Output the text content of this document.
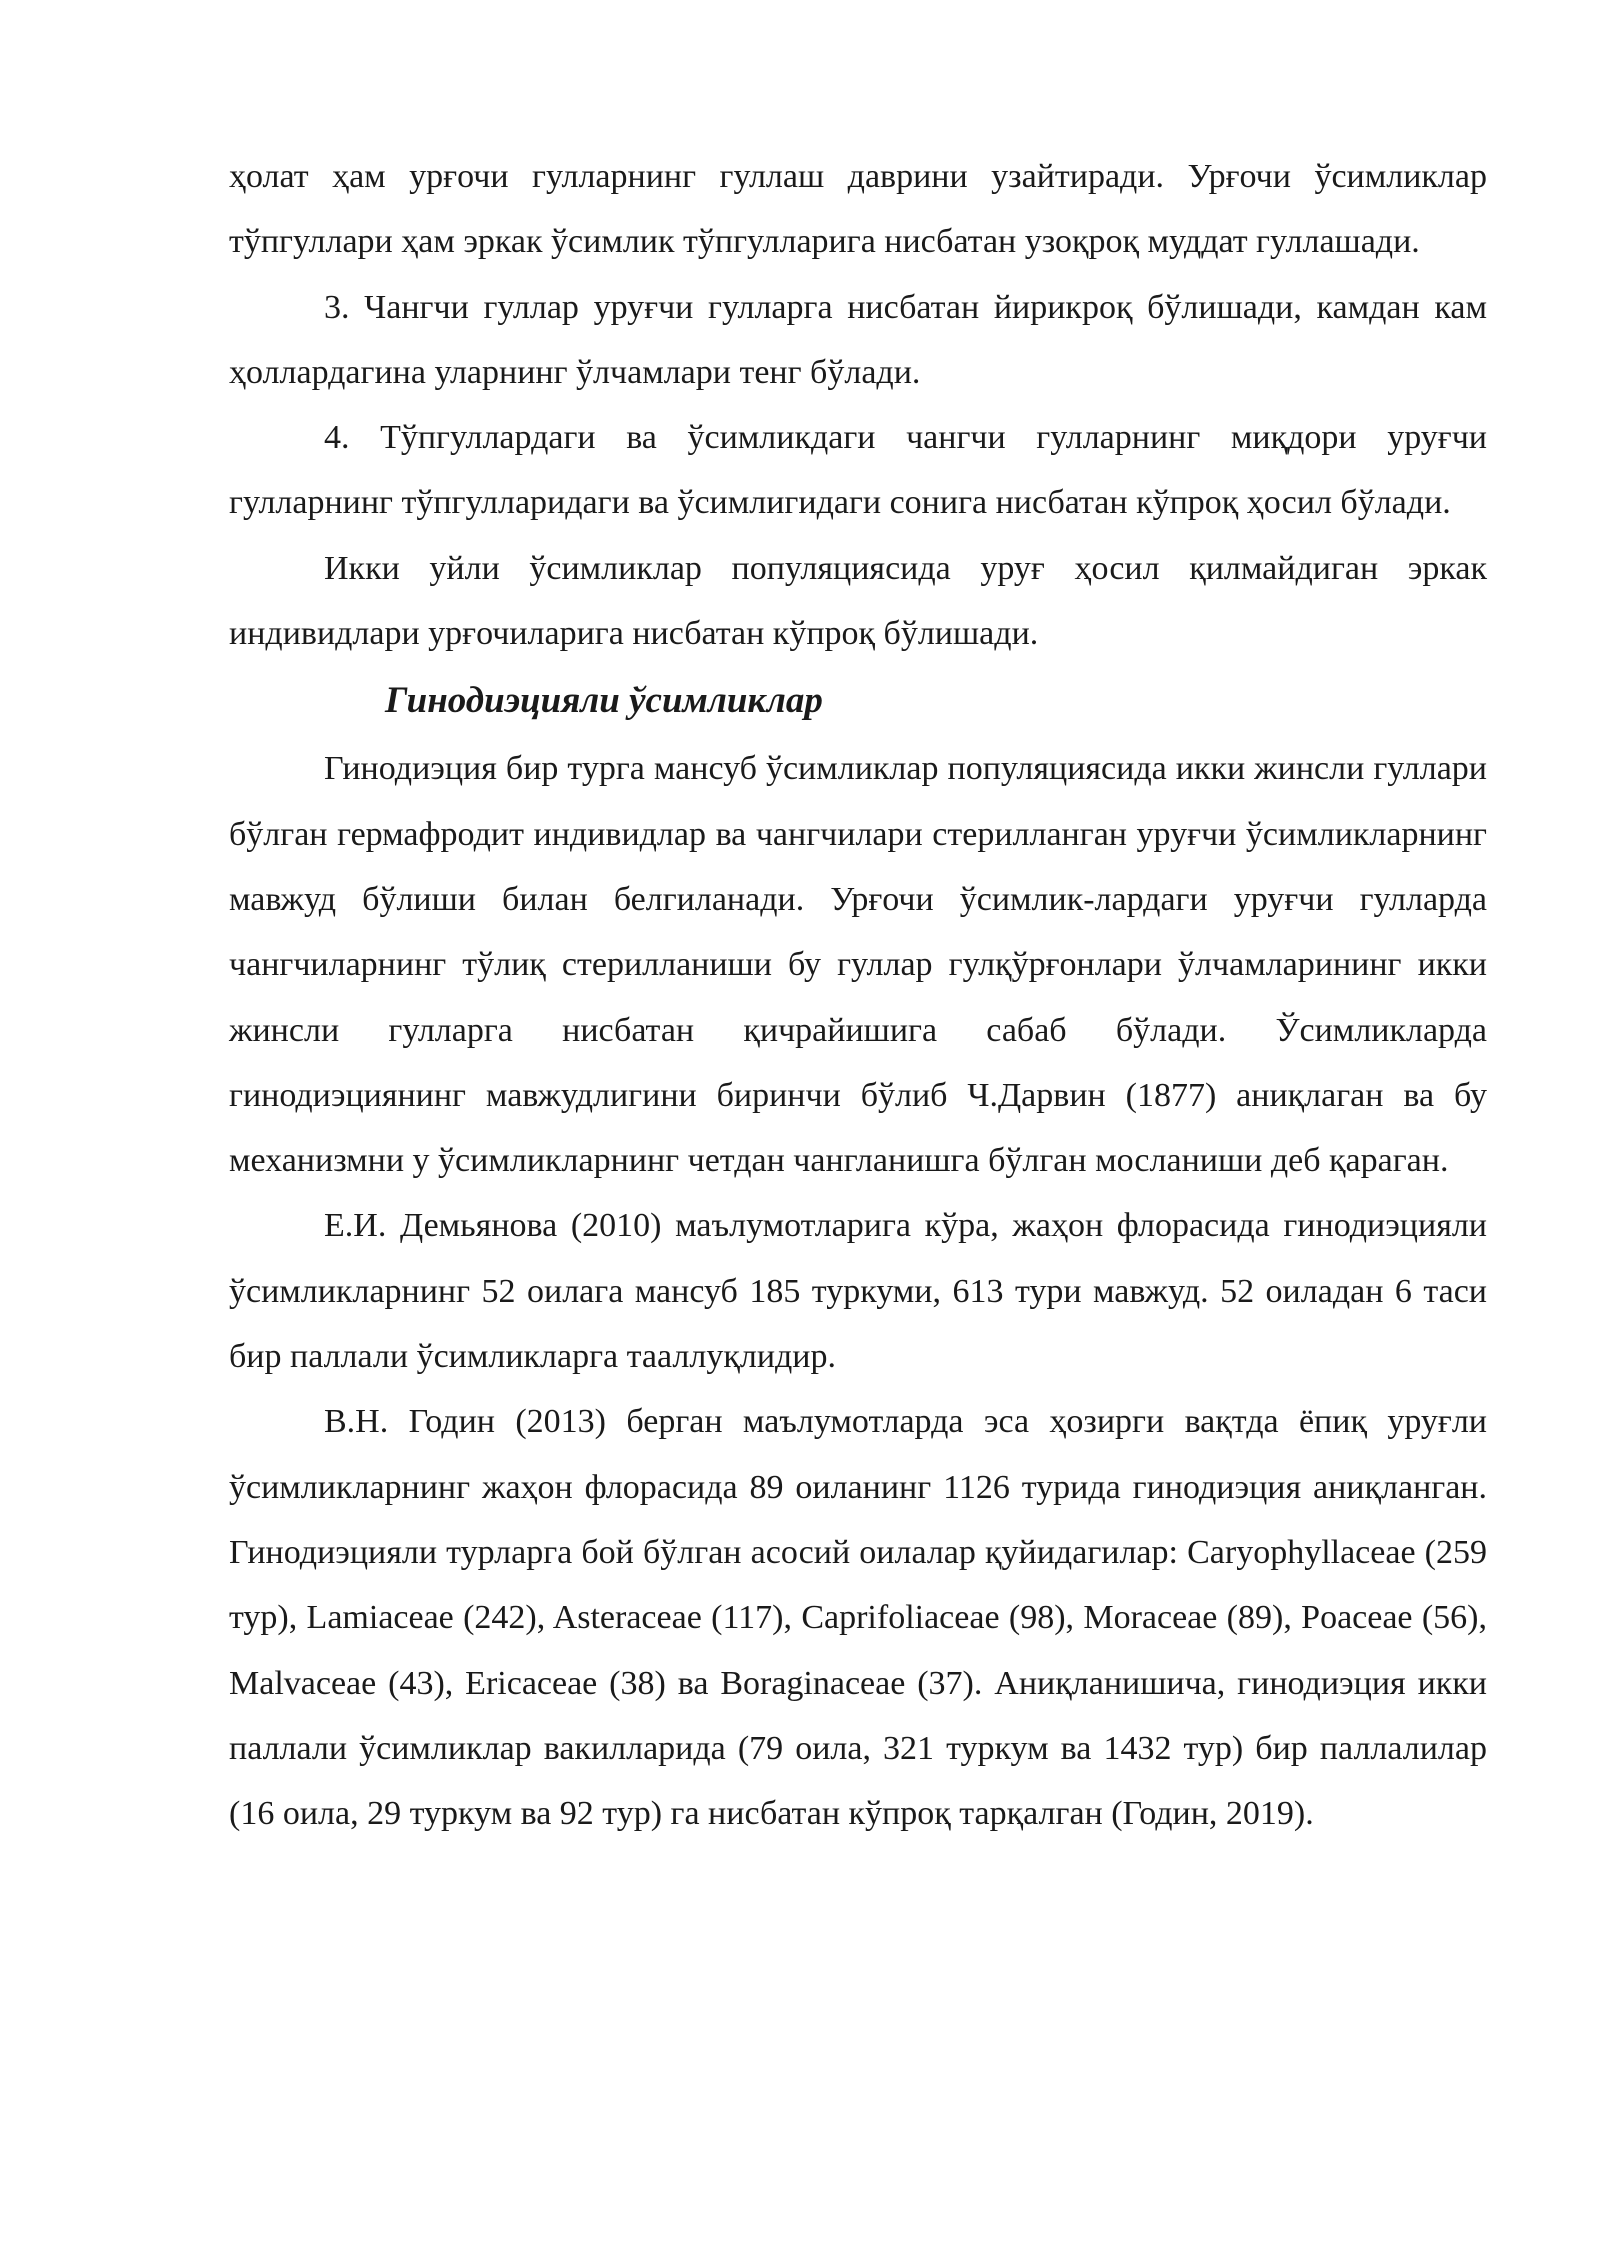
ҳолат ҳам урғочи гулларнинг гуллаш даврини узайтиради. Урғочи ўсимликлар тўпгуллари ҳам эркак ўсимлик тўпгулларига нисбатан узоқроқ муддат гуллашади.

3. Чангчи гуллар уруғчи гулларга нисбатан йирикроқ бўлишади, камдан кам ҳоллардагина уларнинг ўлчамлари тенг бўлади.

4. Тўпгуллардаги ва ўсимликдаги чангчи гулларнинг миқдори уруғчи гулларнинг тўпгулларидаги ва ўсимлигидаги сонига нисбатан кўпроқ ҳосил бўлади.

Икки уйли ўсимликлар популяциясида уруғ ҳосил қилмайдиган эркак индивидлари урғочиларига нисбатан кўпроқ бўлишади.

Гинодиэцияли ўсимликлар

Гинодиэция бир турга мансуб ўсимликлар популяциясида икки жинсли гуллари бўлган гермафродит индивидлар ва чангчилари стерилланган уруғчи ўсимликларнинг мавжуд бўлиши билан белгиланади. Урғочи ўсимлик-лардаги уруғчи гулларда чангчиларнинг тўлиқ стерилланиши бу гуллар гулқўрғонлари ўлчамларининг икки жинсли гулларга нисбатан қичрайишига сабаб бўлади. Ўсимликларда гинодиэциянинг мавжудлигини биринчи бўлиб Ч.Дарвин (1877) аниқлаган ва бу механизмни у ўсимликларнинг четдан чангланишга бўлган мосланиши деб қараган.

Е.И. Демьянова (2010) маълумотларига кўра, жаҳон флорасида гинодиэцияли ўсимликларнинг 52 оилага мансуб 185 туркуми, 613 тури мавжуд. 52 оиладан 6 таси бир паллали ўсимликларга тааллуқлидир.

В.Н. Годин (2013) берган маълумотларда эса ҳозирги вақтда ёпиқ уруғли ўсимликларнинг жаҳон флорасида 89 оиланинг 1126 турида гинодиэция аниқланган. Гинодиэцияли турларга бой бўлган асосий оилалар қуйидагилар: Caryophyllaceae (259 тур), Lamiaceae (242), Asteraceae (117), Caprifoliaceae (98), Moraceae (89), Poaceae (56), Malvaceae (43), Ericaceae (38) ва Boraginaceae (37). Аниқланишича, гинодиэция икки паллали ўсимликлар вакилларида (79 оила, 321 туркум ва 1432 тур) бир паллалилар (16 оила, 29 туркум ва 92 тур) га нисбатан кўпроқ тарқалган (Годин, 2019).
